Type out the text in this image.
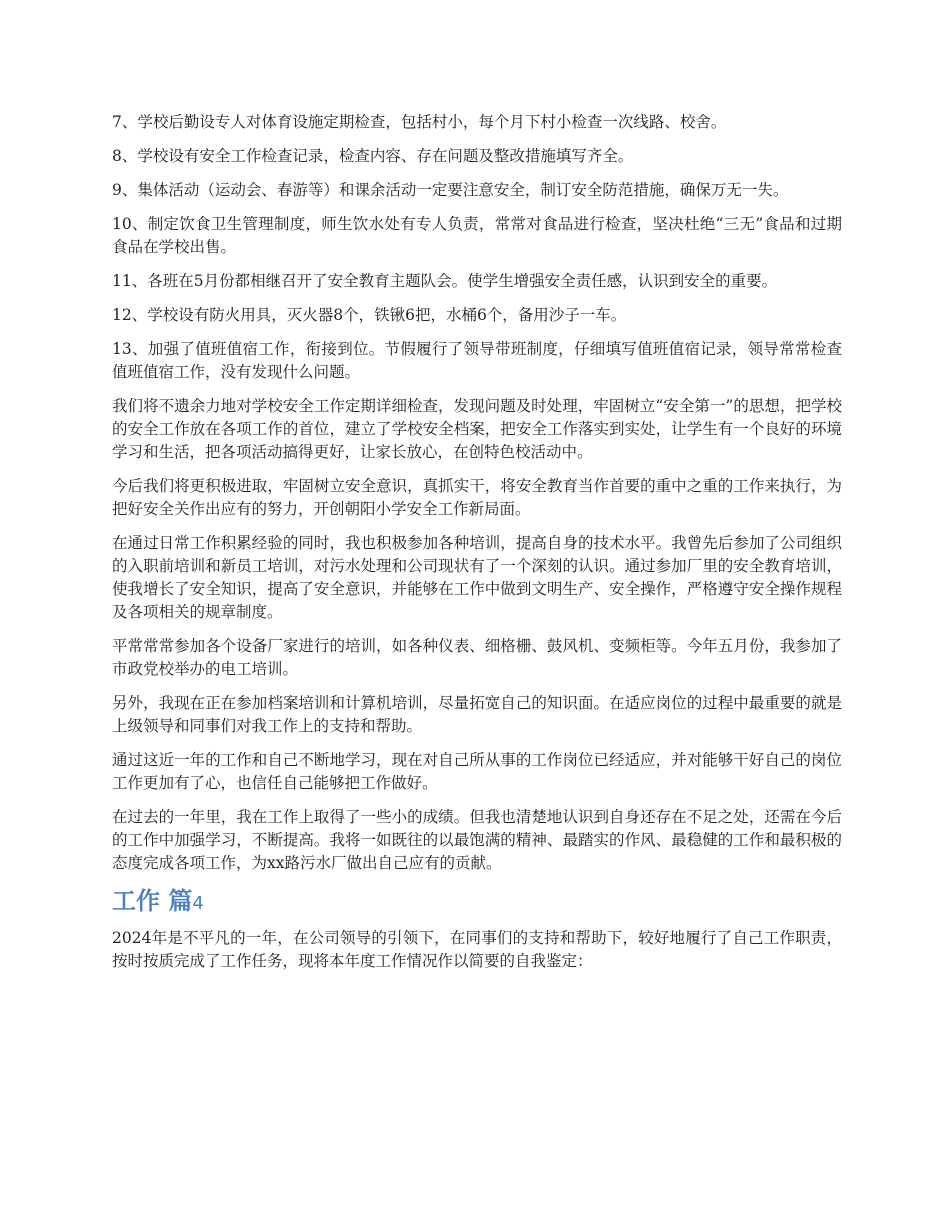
7、学校后勤设专人对体育设施定期检查，包括村小，每个月下村小检查一次线路、校舍。

8、学校设有安全工作检查记录，检查内容、存在问题及整改措施填写齐全。

9、集体活动（运动会、春游等）和课余活动一定要注意安全，制订安全防范措施，确保万无一失。

10、制定饮食卫生管理制度，师生饮水处有专人负责，常常对食品进行检查，坚决杜绝“三无”食品和过期食品在学校出售。

11、各班在5月份都相继召开了安全教育主题队会。使学生增强安全责任感，认识到安全的重要。

12、学校设有防火用具，灭火器8个，铁锹6把，水桶6个，备用沙子一车。

13、加强了值班值宿工作，衔接到位。节假履行了领导带班制度，仔细填写值班值宿记录，领导常常检查值班值宿工作，没有发现什么问题。

我们将不遗余力地对学校安全工作定期详细检查，发现问题及时处理，牢固树立“安全第一”的思想，把学校的安全工作放在各项工作的首位，建立了学校安全档案，把安全工作落实到实处，让学生有一个良好的环境学习和生活，把各项活动搞得更好，让家长放心，在创特色校活动中。

今后我们将更积极进取，牢固树立安全意识，真抓实干，将安全教育当作首要的重中之重的工作来执行，为把好安全关作出应有的努力，开创朝阳小学安全工作新局面。

在通过日常工作积累经验的同时，我也积极参加各种培训，提高自身的技术水平。我曾先后参加了公司组织的入职前培训和新员工培训，对污水处理和公司现状有了一个深刻的认识。通过参加厂里的安全教育培训，使我增长了安全知识，提高了安全意识，并能够在工作中做到文明生产、安全操作，严格遵守安全操作规程及各项相关的规章制度。

平常常常参加各个设备厂家进行的培训，如各种仪表、细格栅、鼓风机、变频柜等。今年五月份，我参加了市政党校举办的电工培训。

另外，我现在正在参加档案培训和计算机培训，尽量拓宽自己的知识面。在适应岗位的过程中最重要的就是上级领导和同事们对我工作上的支持和帮助。

通过这近一年的工作和自己不断地学习，现在对自己所从事的工作岗位已经适应，并对能够干好自己的岗位工作更加有了心，也信任自己能够把工作做好。

在过去的一年里，我在工作上取得了一些小的成绩。但我也清楚地认识到自身还存在不足之处，还需在今后的工作中加强学习，不断提高。我将一如既往的以最饱满的精神、最踏实的作风、最稳健的工作和最积极的态度完成各项工作，为xx路污水厂做出自己应有的贡献。

工作 篇4

2024年是不平凡的一年，在公司领导的引领下，在同事们的支持和帮助下，较好地履行了自己工作职责，按时按质完成了工作任务，现将本年度工作情况作以简要的自我鉴定：
